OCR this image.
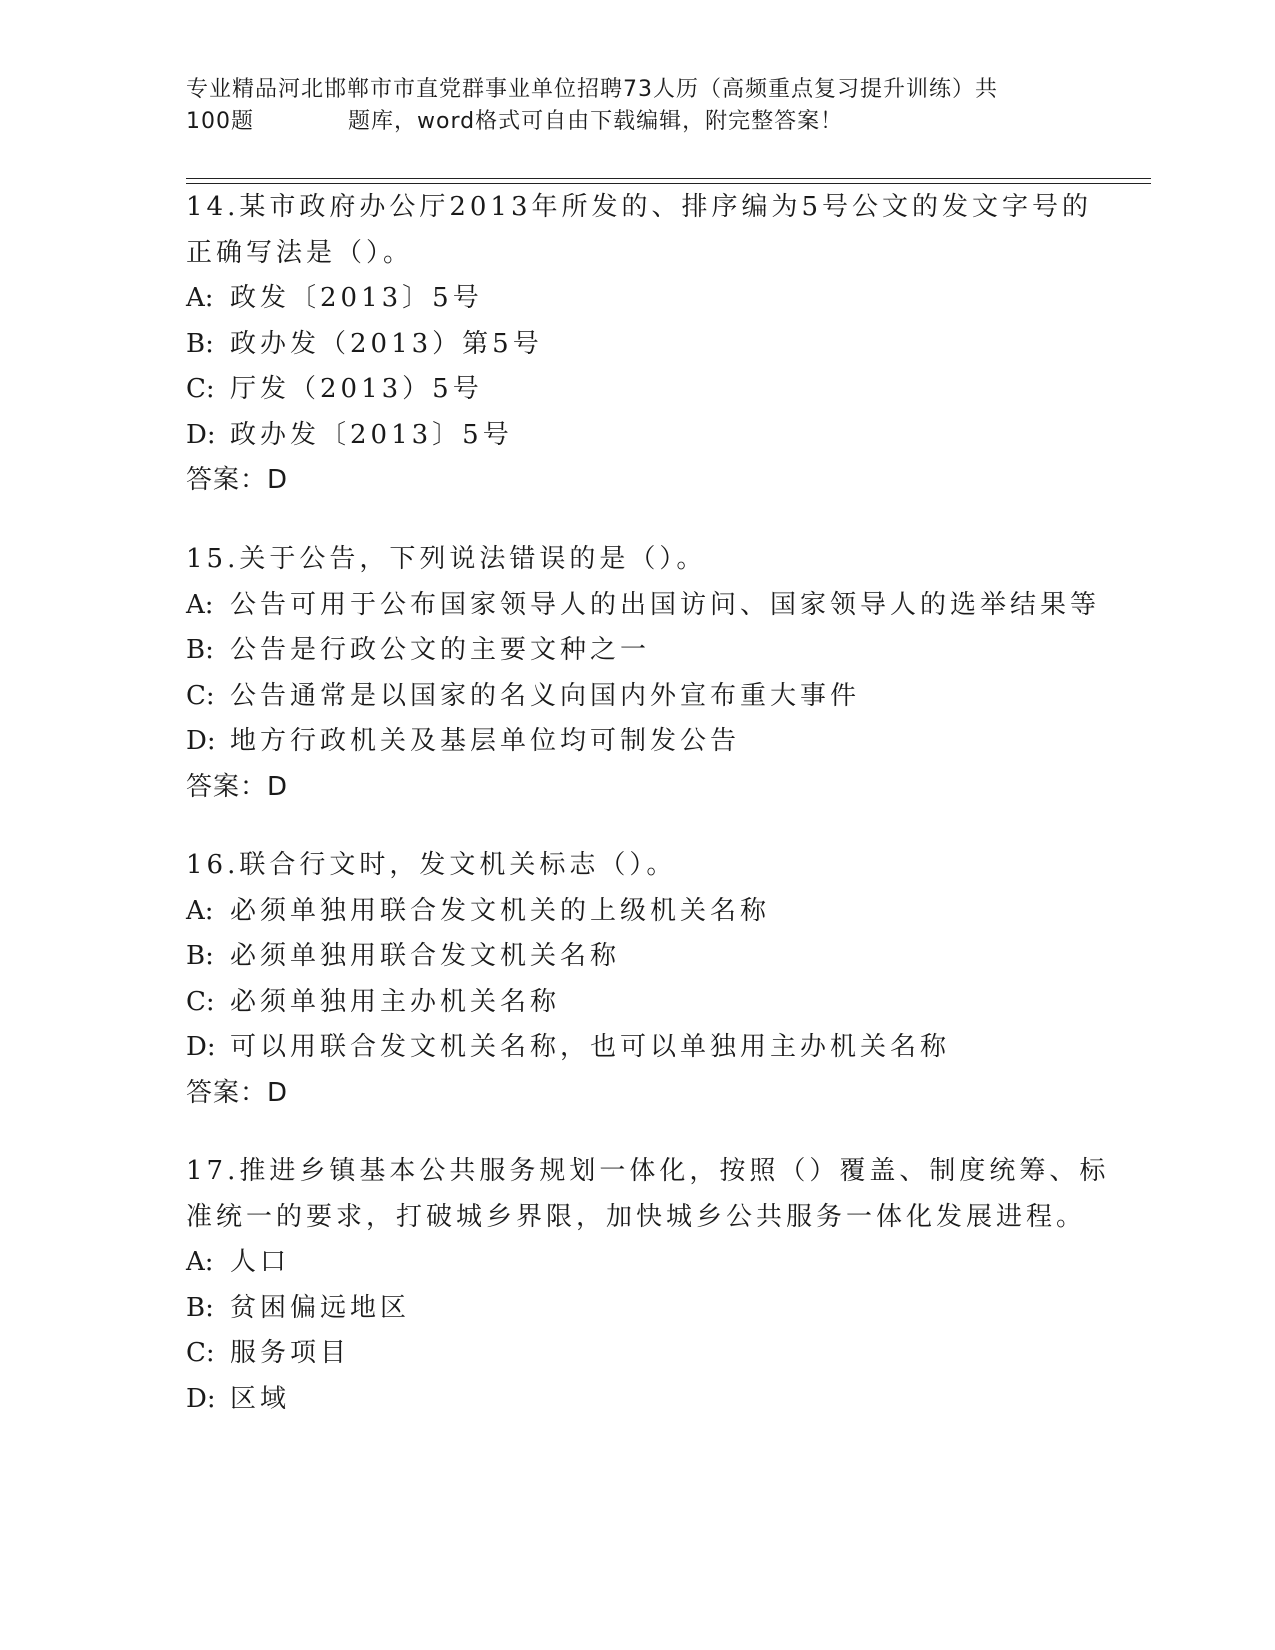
专业精品河北邯郸市市直党群事业单位招聘73人历（高频重点复习提升训练）共
100题	题库，word格式可自由下载编辑，附完整答案！
14.某市政府办公厅2013年所发的、排序编为5号公文的发文字号的
正确写法是（）。
A: 政发〔2013〕5号
B: 政办发（2013）第5号
C: 厅发（2013）5号
D: 政办发〔2013〕5号
答案：D
15.关于公告，下列说法错误的是（）。
A: 公告可用于公布国家领导人的出国访问、国家领导人的选举结果等
B: 公告是行政公文的主要文种之一
C: 公告通常是以国家的名义向国内外宣布重大事件
D: 地方行政机关及基层单位均可制发公告
答案：D
16.联合行文时，发文机关标志（）。
A: 必须单独用联合发文机关的上级机关名称
B: 必须单独用联合发文机关名称
C: 必须单独用主办机关名称
D: 可以用联合发文机关名称，也可以单独用主办机关名称
答案：D
17.推进乡镇基本公共服务规划一体化，按照（）覆盖、制度统筹、标
准统一的要求，打破城乡界限，加快城乡公共服务一体化发展进程。
A: 人口
B: 贫困偏远地区
C: 服务项目
D: 区域
